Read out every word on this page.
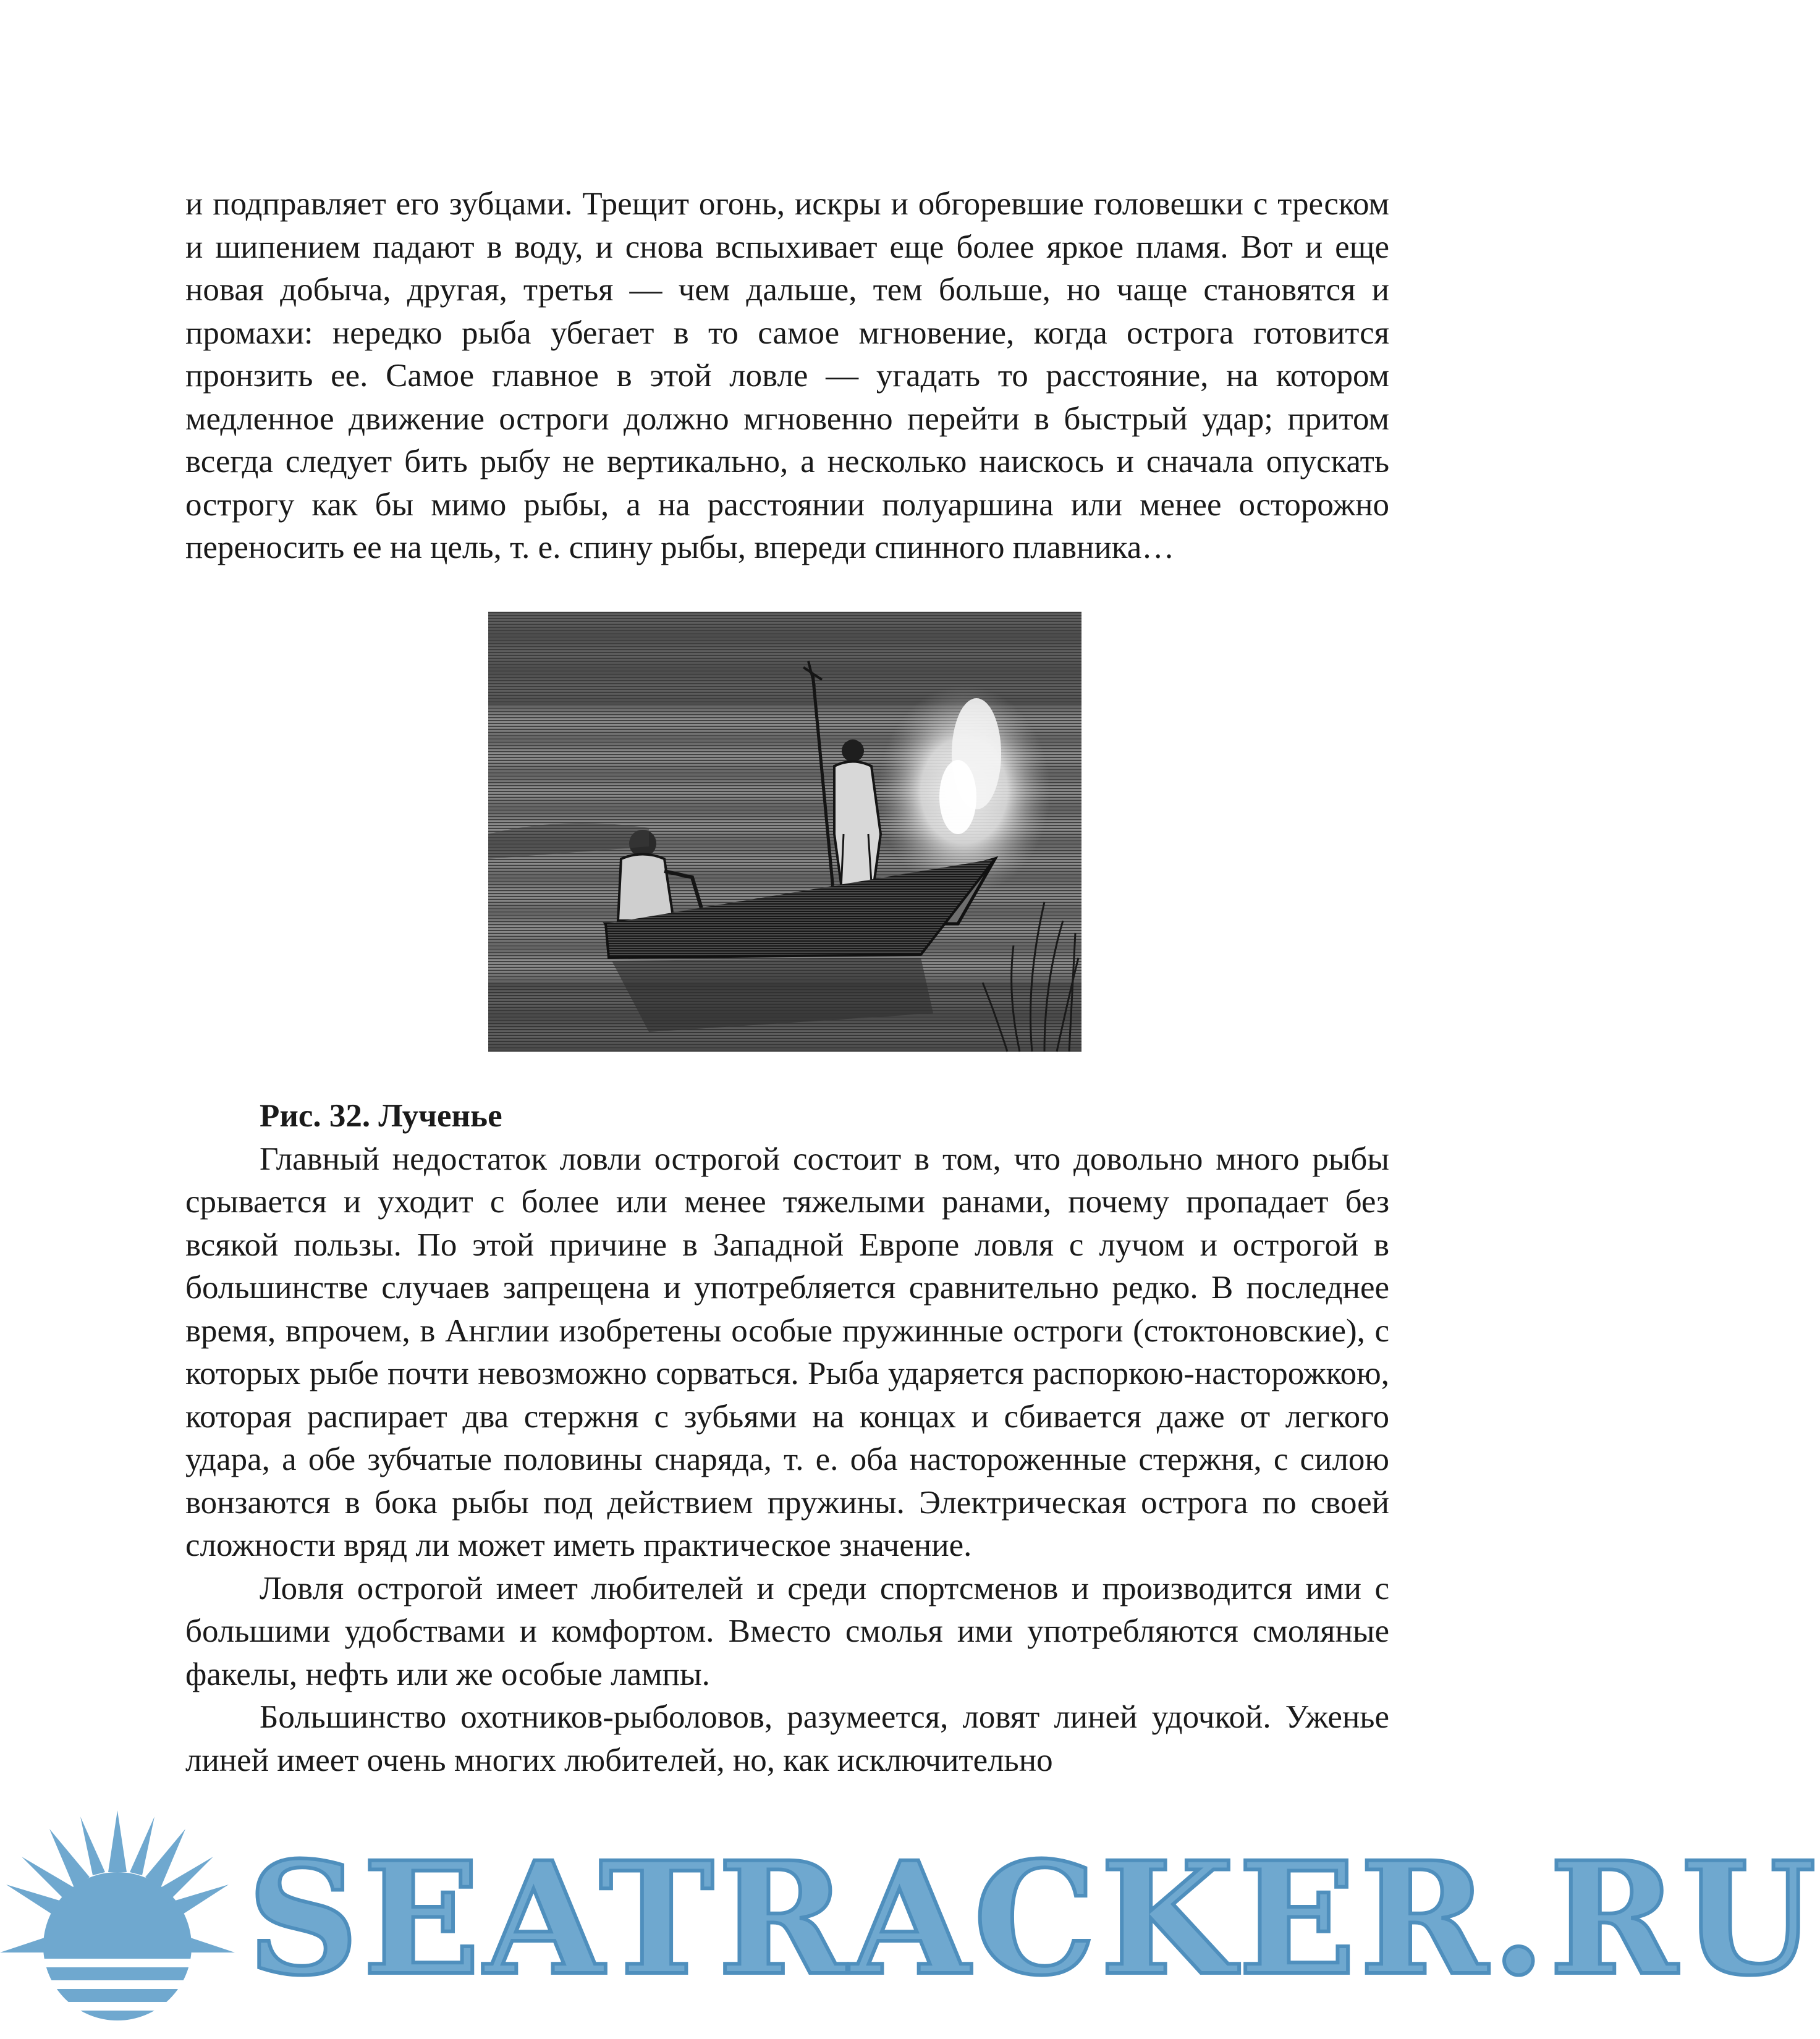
и подправляет его зубцами. Трещит огонь, искры и обгоревшие головешки с треском и шипением падают в воду, и снова вспыхивает еще более яркое пламя. Вот и еще новая добыча, другая, третья — чем дальше, тем больше, но чаще становятся и промахи: нередко рыба убегает в то самое мгновение, когда острога готовится пронзить ее. Самое главное в этой ловле — угадать то расстояние, на котором медленное движение остроги должно мгновенно перейти в быстрый удар; притом всегда следует бить рыбу не вертикально, а несколько наискось и сначала опускать острогу как бы мимо рыбы, а на расстоянии полуаршина или менее осторожно переносить ее на цель, т. е. спину рыбы, впереди спинного плавника…

Рис. 32. Лученье

Главный недостаток ловли острогой состоит в том, что довольно много рыбы срывается и уходит с более или менее тяжелыми ранами, почему пропадает без всякой пользы. По этой причине в Западной Европе ловля с лучом и острогой в большинстве случаев запрещена и употребляется сравнительно редко. В последнее время, впрочем, в Англии изобретены особые пружинные остроги (стоктоновские), с которых рыбе почти невозможно сорваться. Рыба ударяется распоркою-насторожкою, которая распирает два стержня с зубьями на концах и сбивается даже от легкого удара, а обе зубчатые половины снаряда, т. е. оба настороженные стержня, с силою вонзаются в бока рыбы под действием пружины. Электрическая острога по своей сложности вряд ли может иметь практическое значение.

Ловля острогой имеет любителей и среди спортсменов и производится ими с большими удобствами и комфортом. Вместо смолья ими употребляются смоляные факелы, нефть или же особые лампы.

Большинство охотников-рыболовов, разумеется, ловят линей удочкой. Уженье линей имеет очень многих любителей, но, как исключительно

SEATRACKER.RU
